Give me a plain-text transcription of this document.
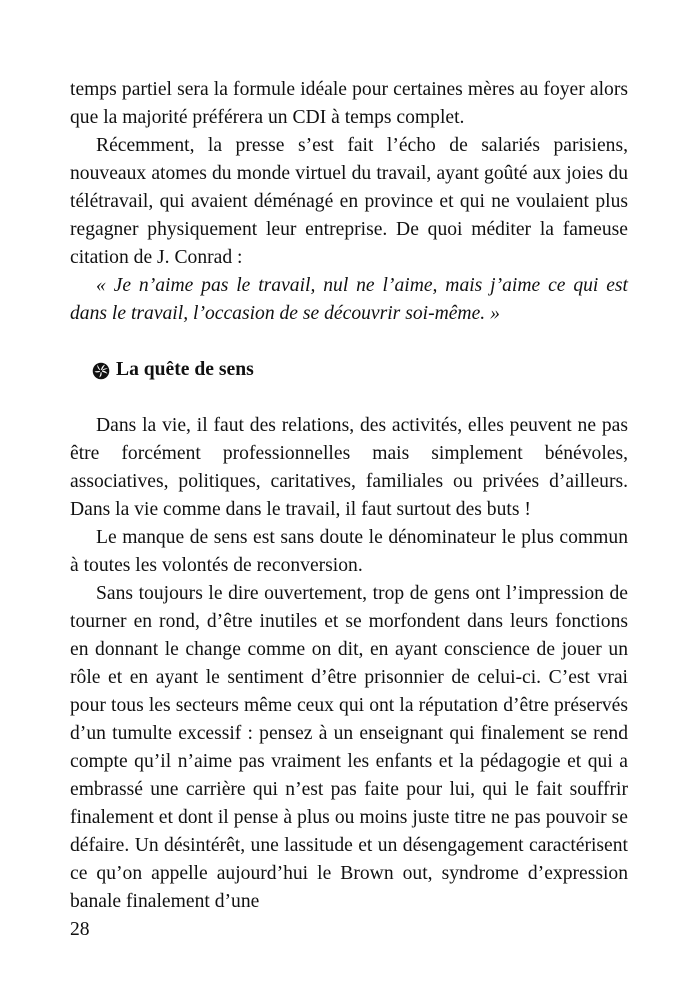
temps partiel sera la formule idéale pour certaines mères au foyer alors que la majorité préférera un CDI à temps complet.

Récemment, la presse s’est fait l’écho de salariés parisiens, nouveaux atomes du monde virtuel du travail, ayant goûté aux joies du télétravail, qui avaient déménagé en province et qui ne voulaient plus regagner physiquement leur entreprise. De quoi méditer la fameuse citation de J. Conrad :

« Je n’aime pas le travail, nul ne l’aime, mais j’aime ce qui est dans le travail, l’occasion de se découvrir soi-même. »

La quête de sens

Dans la vie, il faut des relations, des activités, elles peuvent ne pas être forcément professionnelles mais simplement bénévoles, associatives, politiques, caritatives, familiales ou privées d’ailleurs. Dans la vie comme dans le travail, il faut surtout des buts !

Le manque de sens est sans doute le dénominateur le plus commun à toutes les volontés de reconversion.

Sans toujours le dire ouvertement, trop de gens ont l’impression de tourner en rond, d’être inutiles et se morfondent dans leurs fonctions en donnant le change comme on dit, en ayant conscience de jouer un rôle et en ayant le sentiment d’être prisonnier de celui-ci. C’est vrai pour tous les secteurs même ceux qui ont la réputation d’être préservés d’un tumulte excessif : pensez à un enseignant qui finalement se rend compte qu’il n’aime pas vraiment les enfants et la pédagogie et qui a embrassé une carrière qui n’est pas faite pour lui, qui le fait souffrir finalement et dont il pense à plus ou moins juste titre ne pas pouvoir se défaire. Un désintérêt, une lassitude et un désengagement caractérisent ce qu’on appelle aujourd’hui le Brown out, syndrome d’expression banale finalement d’une

28
